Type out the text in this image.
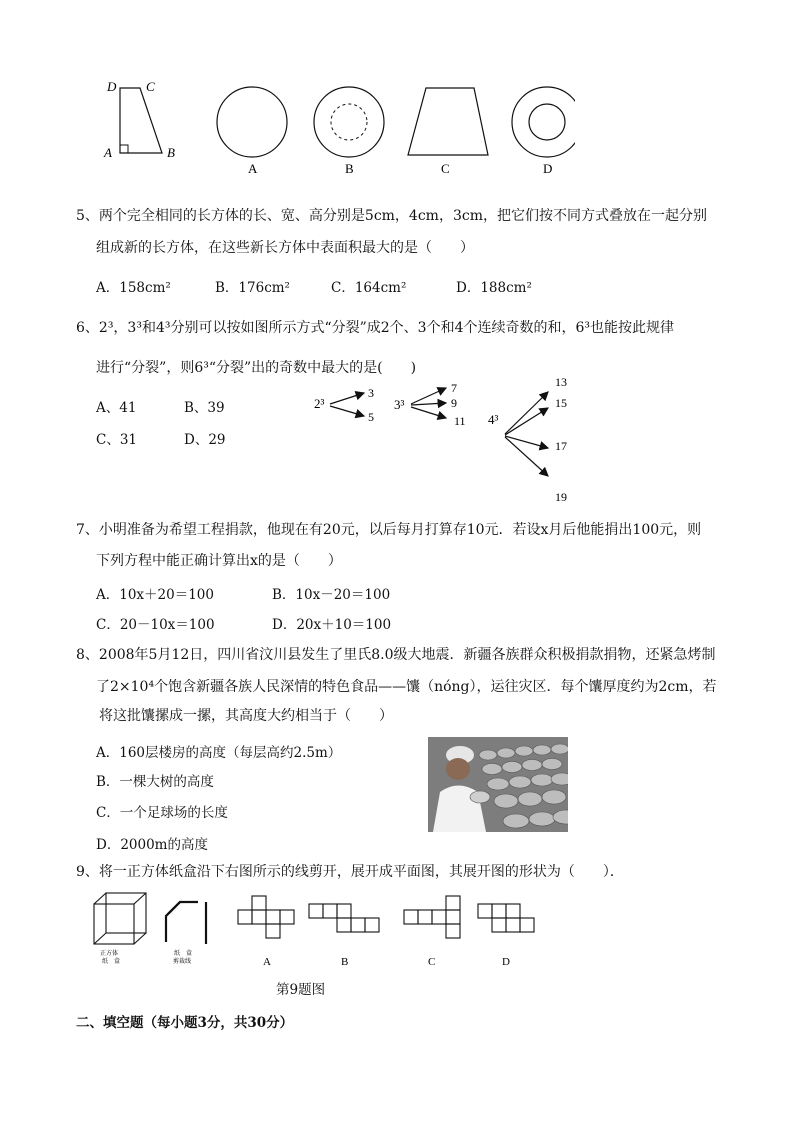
D C
A	B
A	B	C	D
5、两个完全相同的长方体的长、宽、高分别是5cm，4cm，3cm，把它们按不同方式叠放在一起分别
组成新的长方体，在这些新长方体中表面积最大的是（　　）
A．158cm²	B．176cm²	C．164cm²	D．188cm²
6、2³，3³和4³分别可以按如图所示方式“分裂”成2个、3个和4个连续奇数的和，6³也能按此规律
进行“分裂”，则6³“分裂”出的奇数中最大的是(　　)
A、41	B、39
C、31	D、29
2³
3
5
3³
7
9
11 4³
13
15
17
19
7、小明准备为希望工程捐款，他现在有20元，以后每月打算存10元．若设x月后他能捐出100元，则
下列方程中能正确计算出x的是（　　）
A．10x＋20＝100	B．10x－20＝100
C．20－10x＝100	D．20x＋10＝100
8、2008年5月12日，四川省汶川县发生了里氏8.0级大地震．新疆各族群众积极捐款捐物，还紧急烤制
了2×10⁴个饱含新疆各族人民深情的特色食品——馕（nóng），运往灾区．每个馕厚度约为2cm，若
将这批馕摞成一摞，其高度大约相当于（　　）
A．160层楼房的高度（每层高约2.5m）
B．一棵大树的高度
C．一个足球场的长度
D．2000m的高度
9、将一正方体纸盒沿下右图所示的线剪开，展开成平面图，其展开图的形状为（　　）．
正方体
纸　盒
纸　盒
剪裁线	A	B	C	D
第9题图
二、填空题（每小题3分，共30分）
